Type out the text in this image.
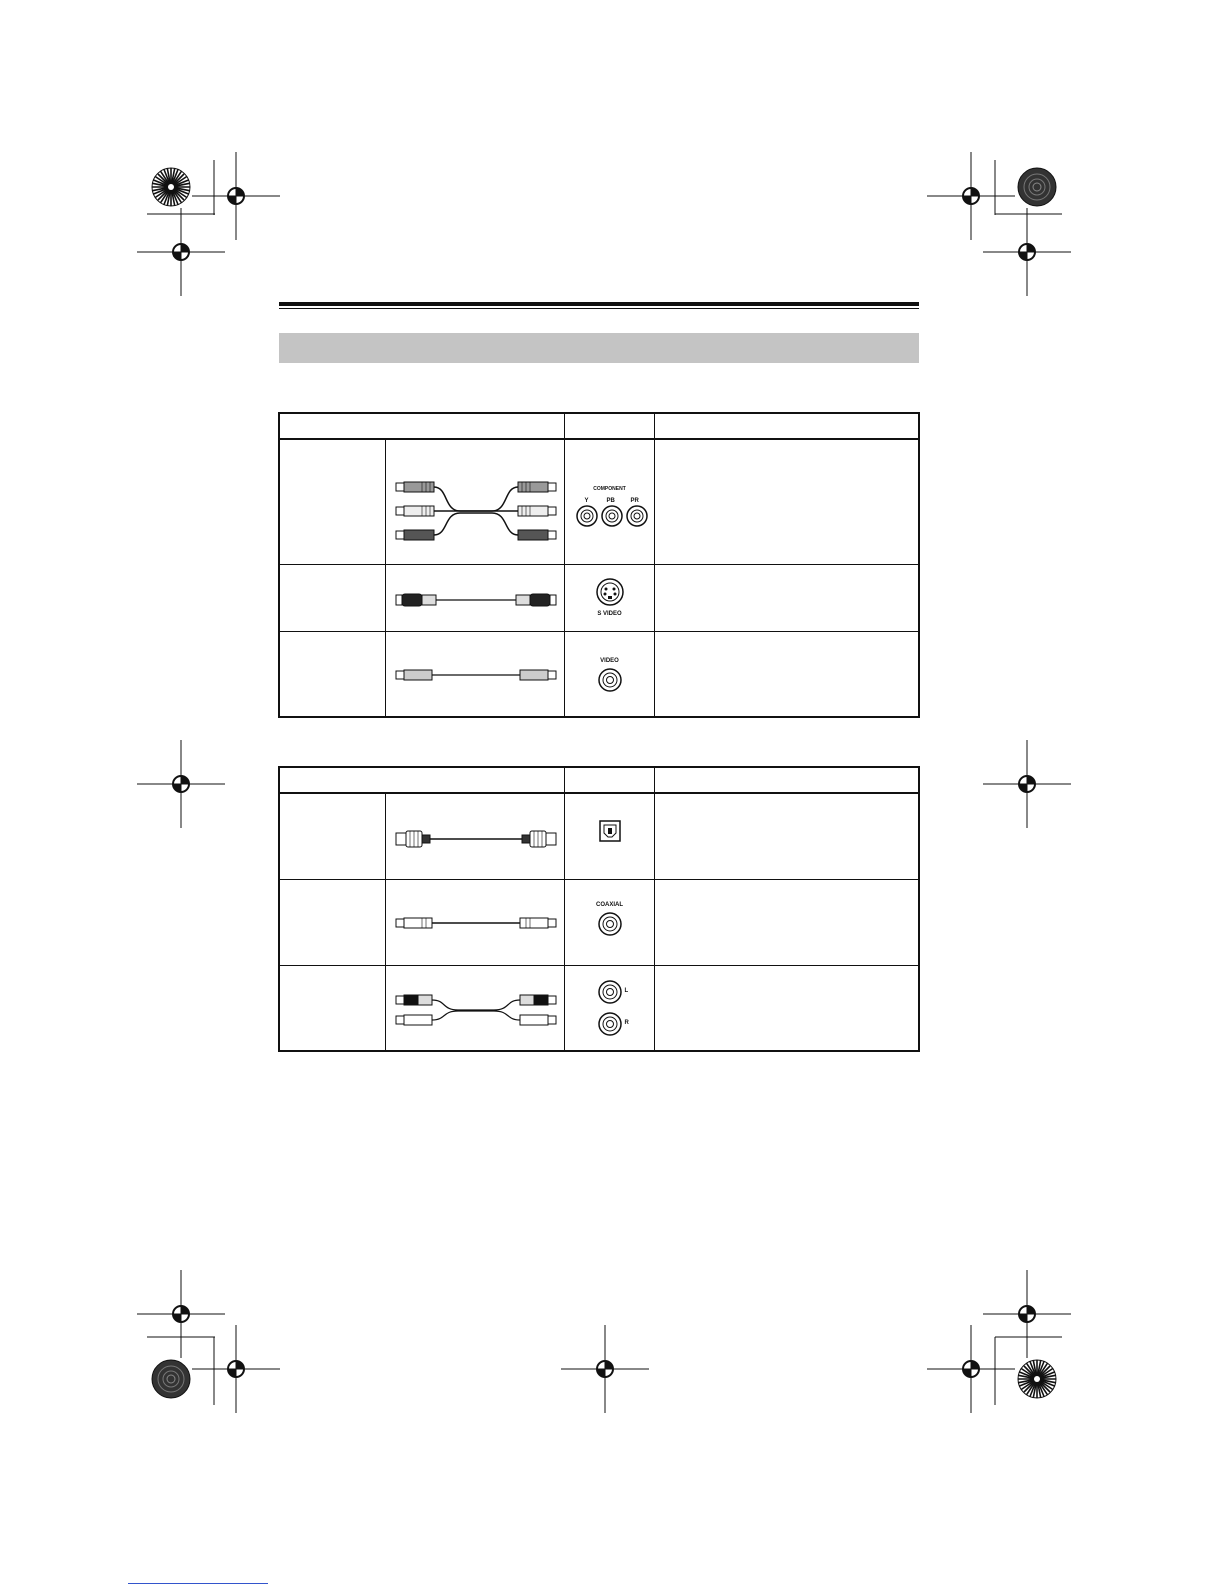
COMPONENT
Y PB PR	

S VIDEO	

VIDEO	

COAXIAL	

L
R	
